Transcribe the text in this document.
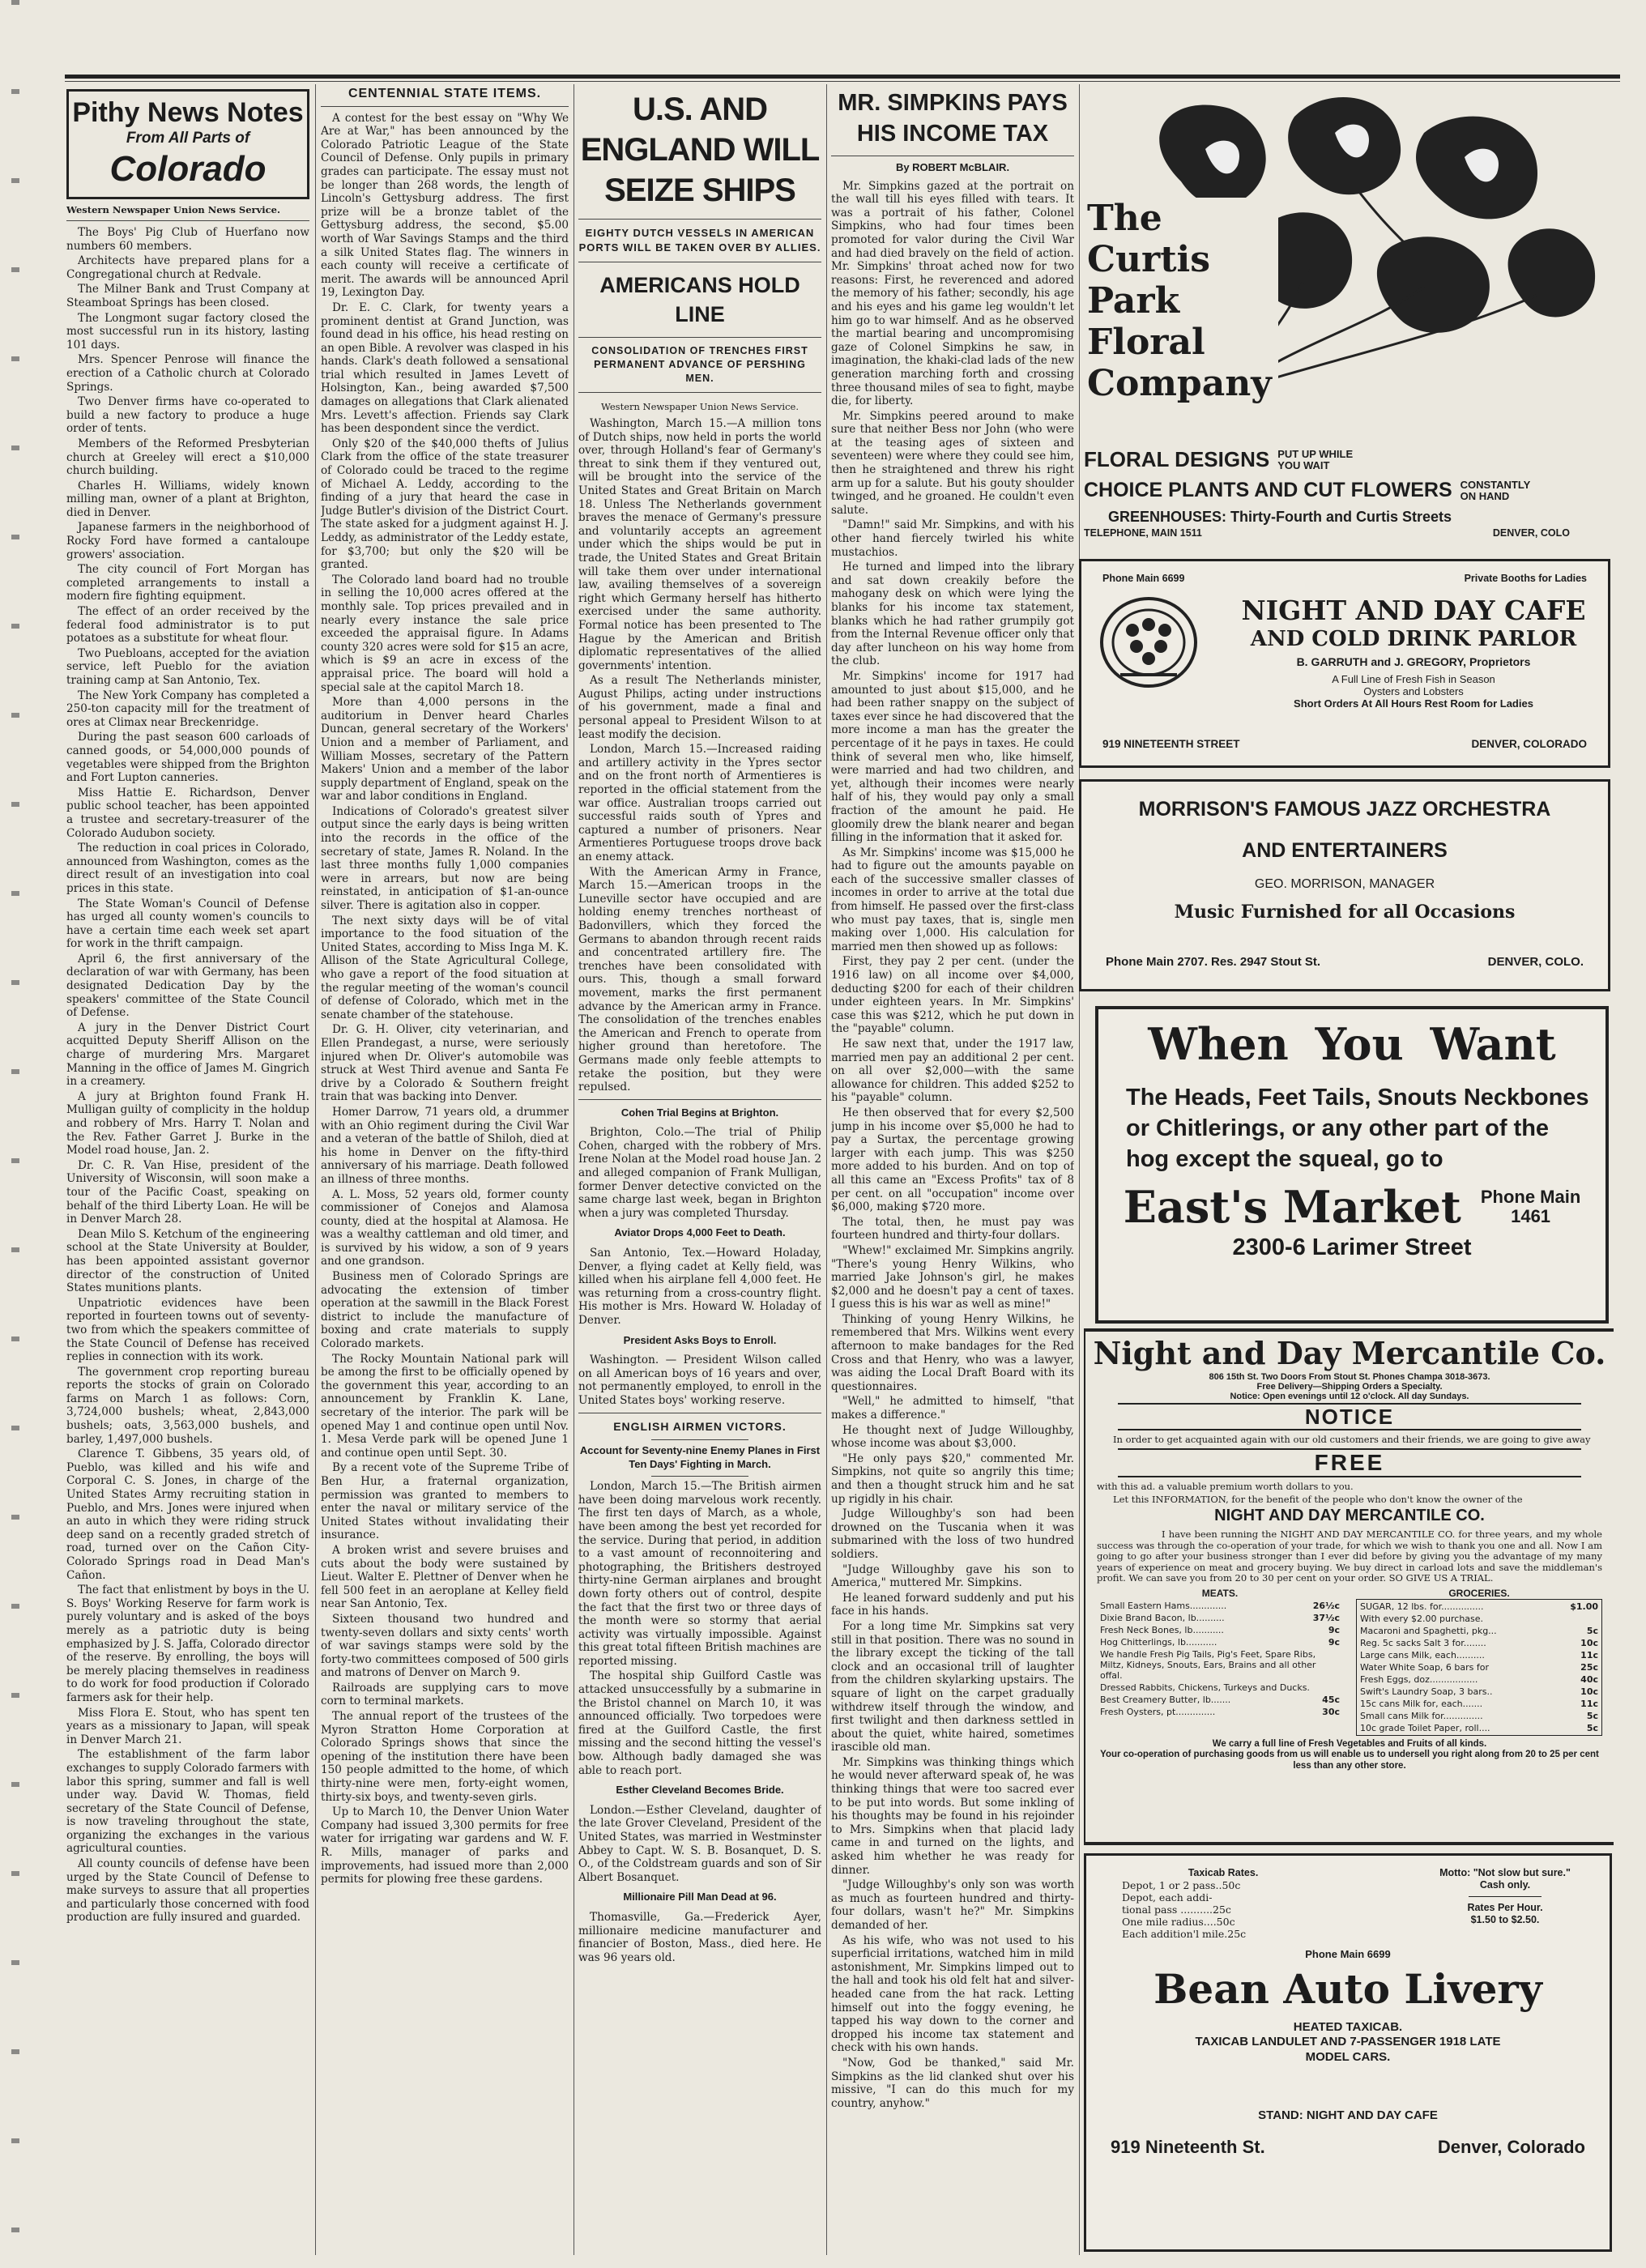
Pithy News Notes
From All Parts of
Colorado
Western Newspaper Union News Service.

The Boys' Pig Club of Huerfano now numbers 60 members.

Architects have prepared plans for a Congregational church at Redvale.

The Milner Bank and Trust Company at Steamboat Springs has been closed.

The Longmont sugar factory closed the most successful run in its history, lasting 101 days.

Mrs. Spencer Penrose will finance the erection of a Catholic church at Colorado Springs.

Two Denver firms have co-operated to build a new factory to produce a huge order of tents.

Members of the Reformed Presbyterian church at Greeley will erect a $10,000 church building.

Charles H. Williams, widely known milling man, owner of a plant at Brighton, died in Denver.

Japanese farmers in the neighborhood of Rocky Ford have formed a cantaloupe growers' association.

The city council of Fort Morgan has completed arrangements to install a modern fire fighting equipment.

The effect of an order received by the federal food administrator is to put potatoes as a substitute for wheat flour.

Two Puebloans, accepted for the aviation service, left Pueblo for the aviation training camp at San Antonio, Tex.

The New York Company has completed a 250-ton capacity mill for the treatment of ores at Climax near Breckenridge.

During the past season 600 carloads of canned goods, or 54,000,000 pounds of vegetables were shipped from the Brighton and Fort Lupton canneries.

Miss Hattie E. Richardson, Denver public school teacher, has been appointed a trustee and secretary-treasurer of the Colorado Audubon society.

The reduction in coal prices in Colorado, announced from Washington, comes as the direct result of an investigation into coal prices in this state.

The State Woman's Council of Defense has urged all county women's councils to have a certain time each week set apart for work in the thrift campaign.

April 6, the first anniversary of the declaration of war with Germany, has been designated Dedication Day by the speakers' committee of the State Council of Defense.

A jury in the Denver District Court acquitted Deputy Sheriff Allison on the charge of murdering Mrs. Margaret Manning in the office of James M. Gingrich in a creamery.

A jury at Brighton found Frank H. Mulligan guilty of complicity in the holdup and robbery of Mrs. Harry T. Nolan and the Rev. Father Garret J. Burke in the Model road house, Jan. 2.

Dr. C. R. Van Hise, president of the University of Wisconsin, will soon make a tour of the Pacific Coast, speaking on behalf of the third Liberty Loan. He will be in Denver March 28.

Dean Milo S. Ketchum of the engineering school at the State University at Boulder, has been appointed assistant governor director of the construction of United States munitions plants.

Unpatriotic evidences have been reported in fourteen towns out of seventy-two from which the speakers committee of the State Council of Defense has received replies in connection with its work.

The government crop reporting bureau reports the stocks of grain on Colorado farms on March 1 as follows: Corn, 3,724,000 bushels; wheat, 2,843,000 bushels; oats, 3,563,000 bushels, and barley, 1,497,000 bushels.

Clarence T. Gibbens, 35 years old, of Pueblo, was killed and his wife and Corporal C. S. Jones, in charge of the United States Army recruiting station in Pueblo, and Mrs. Jones were injured when an auto in which they were riding struck deep sand on a recently graded stretch of road, turned over on the Cañon City-Colorado Springs road in Dead Man's Cañon.

The fact that enlistment by boys in the U. S. Boys' Working Reserve for farm work is purely voluntary and is asked of the boys merely as a patriotic duty is being emphasized by J. S. Jaffa, Colorado director of the reserve. By enrolling, the boys will be merely placing themselves in readiness to do work for food production if Colorado farmers ask for their help.

Miss Flora E. Stout, who has spent ten years as a missionary to Japan, will speak in Denver March 21.

The establishment of the farm labor exchanges to supply Colorado farmers with labor this spring, summer and fall is well under way. David W. Thomas, field secretary of the State Council of Defense, is now traveling throughout the state, organizing the exchanges in the various agricultural counties.

All county councils of defense have been urged by the State Council of Defense to make surveys to assure that all properties and particularly those concerned with food production are fully insured and guarded.

CENTENNIAL STATE ITEMS.

A contest for the best essay on "Why We Are at War," has been announced by the Colorado Patriotic League of the State Council of Defense. Only pupils in primary grades can participate. The essay must not be longer than 268 words, the length of Lincoln's Gettysburg address. The first prize will be a bronze tablet of the Gettysburg address, the second, $5.00 worth of War Savings Stamps and the third a silk United States flag. The winners in each county will receive a certificate of merit. The awards will be announced April 19, Lexington Day.

Dr. E. C. Clark, for twenty years a prominent dentist at Grand Junction, was found dead in his office, his head resting on an open Bible. A revolver was clasped in his hands. Clark's death followed a sensational trial which resulted in James Levett of Holsington, Kan., being awarded $7,500 damages on allegations that Clark alienated Mrs. Levett's affection. Friends say Clark has been despondent since the verdict.

Only $20 of the $40,000 thefts of Julius Clark from the office of the state treasurer of Colorado could be traced to the regime of Michael A. Leddy, according to the finding of a jury that heard the case in Judge Butler's division of the District Court. The state asked for a judgment against H. J. Leddy, as administrator of the Leddy estate, for $3,700; but only the $20 will be granted.

The Colorado land board had no trouble in selling the 10,000 acres offered at the monthly sale. Top prices prevailed and in nearly every instance the sale price exceeded the appraisal figure. In Adams county 320 acres were sold for $15 an acre, which is $9 an acre in excess of the appraisal price. The board will hold a special sale at the capitol March 18.

More than 4,000 persons in the auditorium in Denver heard Charles Duncan, general secretary of the Workers' Union and a member of Parliament, and William Mosses, secretary of the Pattern Makers' Union and a member of the labor supply department of England, speak on the war and labor conditions in England.

Indications of Colorado's greatest silver output since the early days is being written into the records in the office of the secretary of state, James R. Noland. In the last three months fully 1,000 companies were in arrears, but now are being reinstated, in anticipation of $1-an-ounce silver. There is agitation also in copper.

The next sixty days will be of vital importance to the food situation of the United States, according to Miss Inga M. K. Allison of the State Agricultural College, who gave a report of the food situation at the regular meeting of the woman's council of defense of Colorado, which met in the senate chamber of the statehouse.

Dr. G. H. Oliver, city veterinarian, and Ellen Prandegast, a nurse, were seriously injured when Dr. Oliver's automobile was struck at West Third avenue and Santa Fe drive by a Colorado & Southern freight train that was backing into Denver.

Homer Darrow, 71 years old, a drummer with an Ohio regiment during the Civil War and a veteran of the battle of Shiloh, died at his home in Denver on the fifty-third anniversary of his marriage. Death followed an illness of three months.

A. L. Moss, 52 years old, former county commissioner of Conejos and Alamosa county, died at the hospital at Alamosa. He was a wealthy cattleman and old timer, and is survived by his widow, a son of 9 years and one grandson.

Business men of Colorado Springs are advocating the extension of timber operation at the sawmill in the Black Forest district to include the manufacture of boxing and crate materials to supply Colorado markets.

The Rocky Mountain National park will be among the first to be officially opened by the government this year, according to an announcement by Franklin K. Lane, secretary of the interior. The park will be opened May 1 and continue open until Nov. 1. Mesa Verde park will be opened June 1 and continue open until Sept. 30.

By a recent vote of the Supreme Tribe of Ben Hur, a fraternal organization, permission was granted to members to enter the naval or military service of the United States without invalidating their insurance.

A broken wrist and severe bruises and cuts about the body were sustained by Lieut. Walter E. Plettner of Denver when he fell 500 feet in an aeroplane at Kelley field near San Antonio, Tex.

Sixteen thousand two hundred and twenty-seven dollars and sixty cents' worth of war savings stamps were sold by the forty-two committees composed of 500 girls and matrons of Denver on March 9.

Railroads are supplying cars to move corn to terminal markets.

The annual report of the trustees of the Myron Stratton Home Corporation at Colorado Springs shows that since the opening of the institution there have been 150 people admitted to the home, of which thirty-nine were men, forty-eight women, thirty-six boys, and twenty-seven girls.

Up to March 10, the Denver Union Water Company had issued 3,300 permits for free water for irrigating war gardens and W. F. R. Mills, manager of parks and improvements, had issued more than 2,000 permits for plowing free these gardens.

U.S. AND ENGLAND WILL SEIZE SHIPS
EIGHTY DUTCH VESSELS IN AMERICAN PORTS WILL BE TAKEN OVER BY ALLIES.
AMERICANS HOLD LINE
CONSOLIDATION OF TRENCHES FIRST PERMANENT ADVANCE OF PERSHING MEN.
Western Newspaper Union News Service.

Washington, March 15.—A million tons of Dutch ships, now held in ports the world over, through Holland's fear of Germany's threat to sink them if they ventured out, will be brought into the service of the United States and Great Britain on March 18. Unless The Netherlands government braves the menace of Germany's pressure and voluntarily accepts an agreement under which the ships would be put in trade, the United States and Great Britain will take them over under international law, availing themselves of a sovereign right which Germany herself has hitherto exercised under the same authority. Formal notice has been presented to The Hague by the American and British diplomatic representatives of the allied governments' intention.

As a result The Netherlands minister, August Philips, acting under instructions of his government, made a final and personal appeal to President Wilson to at least modify the decision.

London, March 15.—Increased raiding and artillery activity in the Ypres sector and on the front north of Armentieres is reported in the official statement from the war office. Australian troops carried out successful raids south of Ypres and captured a number of prisoners. Near Armentieres Portuguese troops drove back an enemy attack.

With the American Army in France, March 15.—American troops in the Luneville sector have occupied and are holding enemy trenches northeast of Badonvillers, which they forced the Germans to abandon through recent raids and concentrated artillery fire. The trenches have been consolidated with ours. This, though a small forward movement, marks the first permanent advance by the American army in France. The consolidation of the trenches enables the American and French to operate from higher ground than heretofore. The Germans made only feeble attempts to retake the position, but they were repulsed.

Cohen Trial Begins at Brighton.

Brighton, Colo.—The trial of Philip Cohen, charged with the robbery of Mrs. Irene Nolan at the Model road house Jan. 2 and alleged companion of Frank Mulligan, former Denver detective convicted on the same charge last week, began in Brighton when a jury was completed Thursday.

Aviator Drops 4,000 Feet to Death.

San Antonio, Tex.—Howard Holaday, Denver, a flying cadet at Kelly field, was killed when his airplane fell 4,000 feet. He was returning from a cross-country flight. His mother is Mrs. Howard W. Holaday of Denver.

President Asks Boys to Enroll.

Washington. — President Wilson called on all American boys of 16 years and over, not permanently employed, to enroll in the United States boys' working reserve.

ENGLISH AIRMEN VICTORS.
Account for Seventy-nine Enemy Planes in First Ten Days' Fighting in March.

London, March 15.—The British airmen have been doing marvelous work recently. The first ten days of March, as a whole, have been among the best yet recorded for the service. During that period, in addition to a vast amount of reconnoitering and photographing, the Britishers destroyed thirty-nine German airplanes and brought down forty others out of control, despite the fact that the first two or three days of the month were so stormy that aerial activity was virtually impossible. Against this great total fifteen British machines are reported missing.

The hospital ship Guilford Castle was attacked unsuccessfully by a submarine in the Bristol channel on March 10, it was announced officially. Two torpedoes were fired at the Guilford Castle, the first missing and the second hitting the vessel's bow. Although badly damaged she was able to reach port.

Esther Cleveland Becomes Bride.

London.—Esther Cleveland, daughter of the late Grover Cleveland, President of the United States, was married in Westminster Abbey to Capt. W. S. B. Bosanquet, D. S. O., of the Coldstream guards and son of Sir Albert Bosanquet.

Millionaire Pill Man Dead at 96.

Thomasville, Ga.—Frederick Ayer, millionaire medicine manufacturer and financier of Boston, Mass., died here. He was 96 years old.

MR. SIMPKINS PAYS HIS INCOME TAX
By ROBERT McBLAIR.

Mr. Simpkins gazed at the portrait on the wall till his eyes filled with tears. It was a portrait of his father, Colonel Simpkins, who had four times been promoted for valor during the Civil War and had died bravely on the field of action. Mr. Simpkins' throat ached now for two reasons: First, he reverenced and adored the memory of his father; secondly, his age and his eyes and his game leg wouldn't let him go to war himself. And as he observed the martial bearing and uncompromising gaze of Colonel Simpkins he saw, in imagination, the khaki-clad lads of the new generation marching forth and crossing three thousand miles of sea to fight, maybe die, for liberty.

Mr. Simpkins peered around to make sure that neither Bess nor John (who were at the teasing ages of sixteen and seventeen) were where they could see him, then he straightened and threw his right arm up for a salute. But his gouty shoulder twinged, and he groaned. He couldn't even salute.

"Damn!" said Mr. Simpkins, and with his other hand fiercely twirled his white mustachios.

He turned and limped into the library and sat down creakily before the mahogany desk on which were lying the blanks for his income tax statement, blanks which he had rather grumpily got from the Internal Revenue officer only that day after luncheon on his way home from the club.

Mr. Simpkins' income for 1917 had amounted to just about $15,000, and he had been rather snappy on the subject of taxes ever since he had discovered that the more income a man has the greater the percentage of it he pays in taxes. He could think of several men who, like himself, were married and had two children, and yet, although their incomes were nearly half of his, they would pay only a small fraction of the amount he paid. He gloomily drew the blank nearer and began filling in the information that it asked for.

As Mr. Simpkins' income was $15,000 he had to figure out the amounts payable on each of the successive smaller classes of incomes in order to arrive at the total due from himself. He passed over the first-class who must pay taxes, that is, single men making over 1,000. His calculation for married men then showed up as follows:

First, they pay 2 per cent. (under the 1916 law) on all income over $4,000, deducting $200 for each of their children under eighteen years. In Mr. Simpkins' case this was $212, which he put down in the "payable" column.

He saw next that, under the 1917 law, married men pay an additional 2 per cent. on all over $2,000—with the same allowance for children. This added $252 to his "payable" column.

He then observed that for every $2,500 jump in his income over $5,000 he had to pay a Surtax, the percentage growing larger with each jump. This was $250 more added to his burden. And on top of all this came an "Excess Profits" tax of 8 per cent. on all "occupation" income over $6,000, making $720 more.

The total, then, he must pay was fourteen hundred and thirty-four dollars.

"Whew!" exclaimed Mr. Simpkins angrily. "There's young Henry Wilkins, who married Jake Johnson's girl, he makes $2,000 and he doesn't pay a cent of taxes. I guess this is his war as well as mine!"

Thinking of young Henry Wilkins, he remembered that Mrs. Wilkins went every afternoon to make bandages for the Red Cross and that Henry, who was a lawyer, was aiding the Local Draft Board with its questionnaires.

"Well," he admitted to himself, "that makes a difference."

He thought next of Judge Willoughby, whose income was about $3,000.

"He only pays $20," commented Mr. Simpkins, not quite so angrily this time; and then a thought struck him and he sat up rigidly in his chair.

Judge Willoughby's son had been drowned on the Tuscania when it was submarined with the loss of two hundred soldiers.

"Judge Willoughby gave his son to America," muttered Mr. Simpkins.

He leaned forward suddenly and put his face in his hands.

For a long time Mr. Simpkins sat very still in that position. There was no sound in the library except the ticking of the tall clock and an occasional trill of laughter from the children skylarking upstairs. The square of light on the carpet gradually withdrew itself through the window, and first twilight and then darkness settled in about the quiet, white haired, sometimes irascible old man.

Mr. Simpkins was thinking things which he would never afterward speak of, he was thinking things that were too sacred ever to be put into words. But some inkling of his thoughts may be found in his rejoinder to Mrs. Simpkins when that placid lady came in and turned on the lights, and asked him whether he was ready for dinner.

"Judge Willoughby's only son was worth as much as fourteen hundred and thirty-four dollars, wasn't he?" Mr. Simpkins demanded of her.

As his wife, who was not used to his superficial irritations, watched him in mild astonishment, Mr. Simpkins limped out to the hall and took his old felt hat and silver-headed cane from the hat rack. Letting himself out into the foggy evening, he tapped his way down to the corner and dropped his income tax statement and check with his own hands.

"Now, God be thanked," said Mr. Simpkins as the lid clanked shut over his missive, "I can do this much for my country, anyhow."

The
Curtis
Park
Floral
Company
FLORAL DESIGNS PUT UP WHILE
YOU WAIT
CHOICE PLANTS AND CUT FLOWERS CONSTANTLY
ON HAND
GREENHOUSES: Thirty-Fourth and Curtis Streets
TELEPHONE, MAIN 1511	DENVER, COLO
Phone Main 6699	Private Booths for Ladies
NIGHT AND DAY CAFE
AND COLD DRINK PARLOR
B. GARRUTH and J. GREGORY, Proprietors
A Full Line of Fresh Fish in Season
Oysters and Lobsters
Short Orders At All Hours Rest Room for Ladies
919 NINETEENTH STREET	DENVER, COLORADO
MORRISON'S FAMOUS JAZZ ORCHESTRA
AND ENTERTAINERS
GEO. MORRISON, MANAGER
Music Furnished for all Occasions
Phone Main 2707. Res. 2947 Stout St.	DENVER, COLO.
When You Want
The Heads, Feet Tails, Snouts Neckbones or Chitlerings, or any other part of the hog except the squeal, go to
East's Market Phone Main
1461
2300-6 Larimer Street
Night and Day Mercantile Co.
806 15th St. Two Doors From Stout St. Phones Champa 3018-3673.
Free Delivery—Shipping Orders a Specialty.
Notice: Open evenings until 12 o'clock. All day Sundays.
NOTICE
In order to get acquainted again with our old customers and their friends, we are going to give away
FREE
with this ad. a valuable premium worth dollars to you.
Let this INFORMATION, for the benefit of the people who don't know the owner of the
NIGHT AND DAY MERCANTILE CO.
I have been running the NIGHT AND DAY MERCANTILE CO. for three years, and my whole success was through the co-operation of your trade, for which we wish to thank you one and all. Now I am going to go after your business stronger than I ever did before by giving you the advantage of my many years of experience on meat and grocery buying. We buy direct in carload lots and save the middleman's profit. We can save you from 20 to 30 per cent on your order. SO GIVE US A TRIAL.
MEATS.
Small Eastern Hams.............	26½c
Dixie Brand Bacon, lb..........	37½c
Fresh Neck Bones, lb...........	9c
Hog Chitterlings, lb...........	9c
We handle Fresh Pig Tails, Pig's Feet, Spare Ribs, Miltz, Kidneys, Snouts, Ears, Brains and all other offal.	
Dressed Rabbits, Chickens, Turkeys and Ducks.	
Best Creamery Butter, lb.......	45c
Fresh Oysters, pt..............	30c
GROCERIES.
SUGAR, 12 lbs. for...............	$1.00
With every $2.00 purchase.	
Macaroni and Spaghetti, pkg...	5c
Reg. 5c sacks Salt 3 for........	10c
Large cans Milk, each..........	11c
Water White Soap, 6 bars for	25c
Fresh Eggs, doz.................	40c
Swift's Laundry Soap, 3 bars..	10c
15c cans Milk for, each.......	11c
Small cans Milk for..............	5c
10c grade Toilet Paper, roll....	5c
We carry a full line of Fresh Vegetables and Fruits of all kinds.
Your co-operation of purchasing goods from us will enable us to undersell you right along from 20 to 25 per cent less than any other store.
Taxicab Rates.
Depot, 1 or 2 pass..50c
Depot, each addi-
tional pass ..........25c
One mile radius....50c
Each addition'l mile.25c
Motto: "Not slow but sure." Cash only.
Rates Per Hour.
$1.50 to $2.50.
Phone Main 6699
Bean Auto Livery
HEATED TAXICAB.
TAXICAB LANDULET AND 7-PASSENGER 1918 LATE MODEL CARS.
STAND: NIGHT AND DAY CAFE
919 Nineteenth St.	Denver, Colorado
